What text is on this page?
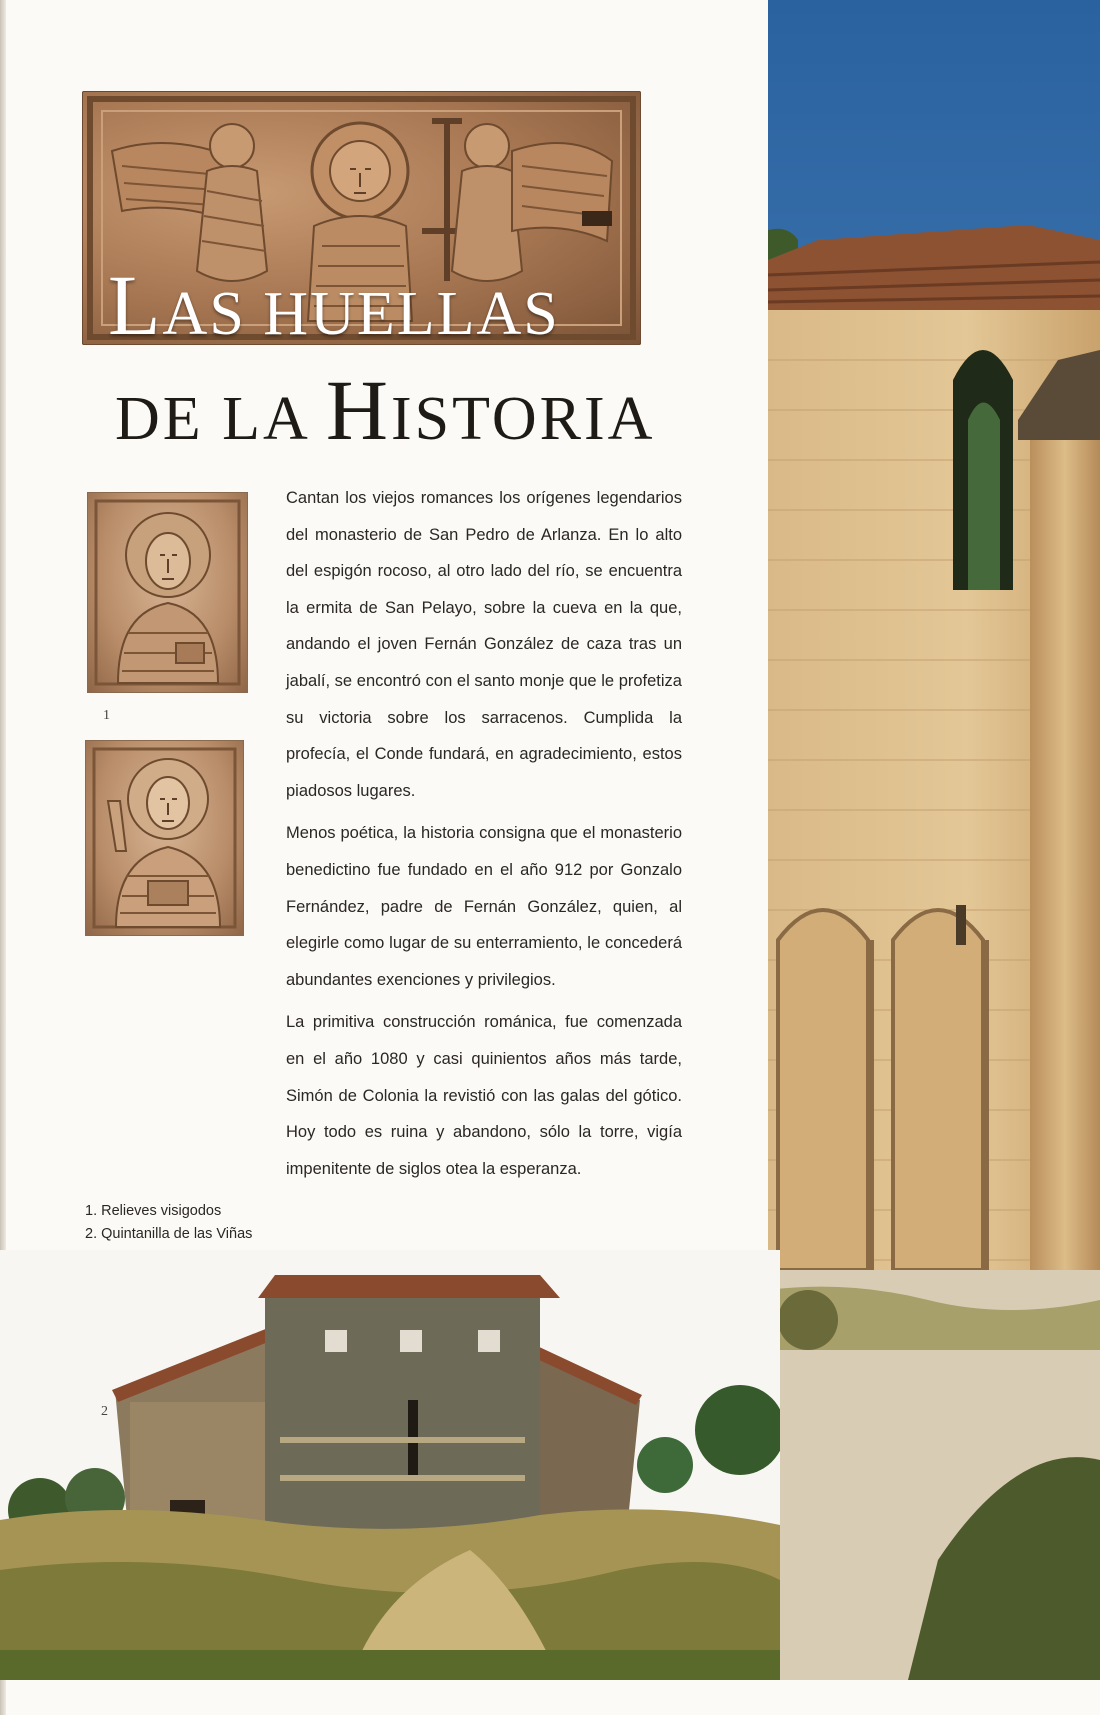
LAS HUELLAS
DE LA HISTORIA
1

Cantan los viejos romances los orígenes legendarios del monasterio de San Pedro de Arlanza. En lo alto del espigón rocoso, al otro lado del río, se encuentra la ermita de San Pelayo, sobre la cueva en la que, andando el joven Fernán González de caza tras un jabalí, se encontró con el santo monje que le profetiza su victoria sobre los sarracenos. Cumplida la profecía, el Conde fundará, en agradecimiento, estos piadosos lugares.

Menos poética, la historia consigna que el monasterio benedictino fue fundado en el año 912 por Gonzalo Fernández, padre de Fernán González, quien, al elegirle como lugar de su enterramiento, le concederá abundantes exenciones y privilegios.

La primitiva construcción románica, fue comenzada en el año 1080 y casi quinientos años más tarde, Simón de Colonia la revistió con las galas del gótico. Hoy todo es ruina y abandono, sólo la torre, vigía impenitente de siglos otea la esperanza.

1. Relieves visigodos
2. Quintanilla de las Viñas
2
